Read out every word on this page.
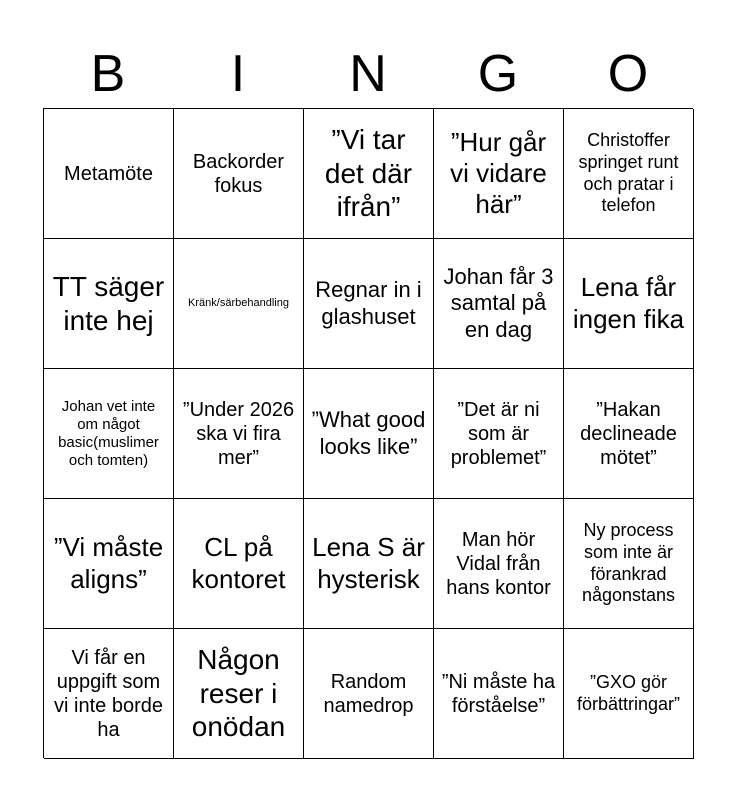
B	I	N	G	O
Metamöte
Backorder fokus
”Vi tar det där ifrån”
”Hur går vi vidare här”
Christoffer springet runt och pratar i telefon
TT säger inte hej
Kränk/särbehandling
Regnar in i glashuset
Johan får 3 samtal på en dag
Lena får ingen fika
Johan vet inte om något basic(muslimer och tomten)
”Under 2026 ska vi fira mer”
”What good looks like”
”Det är ni som är problemet”
”Hakan declineade mötet”
”Vi måste aligns”
CL på kontoret
Lena S är hysterisk
Man hör Vidal från hans kontor
Ny process som inte är förankrad någonstans
Vi får en uppgift som vi inte borde ha
Någon reser i onödan
Random namedrop
”Ni måste ha förståelse”
”GXO gör förbättringar”
